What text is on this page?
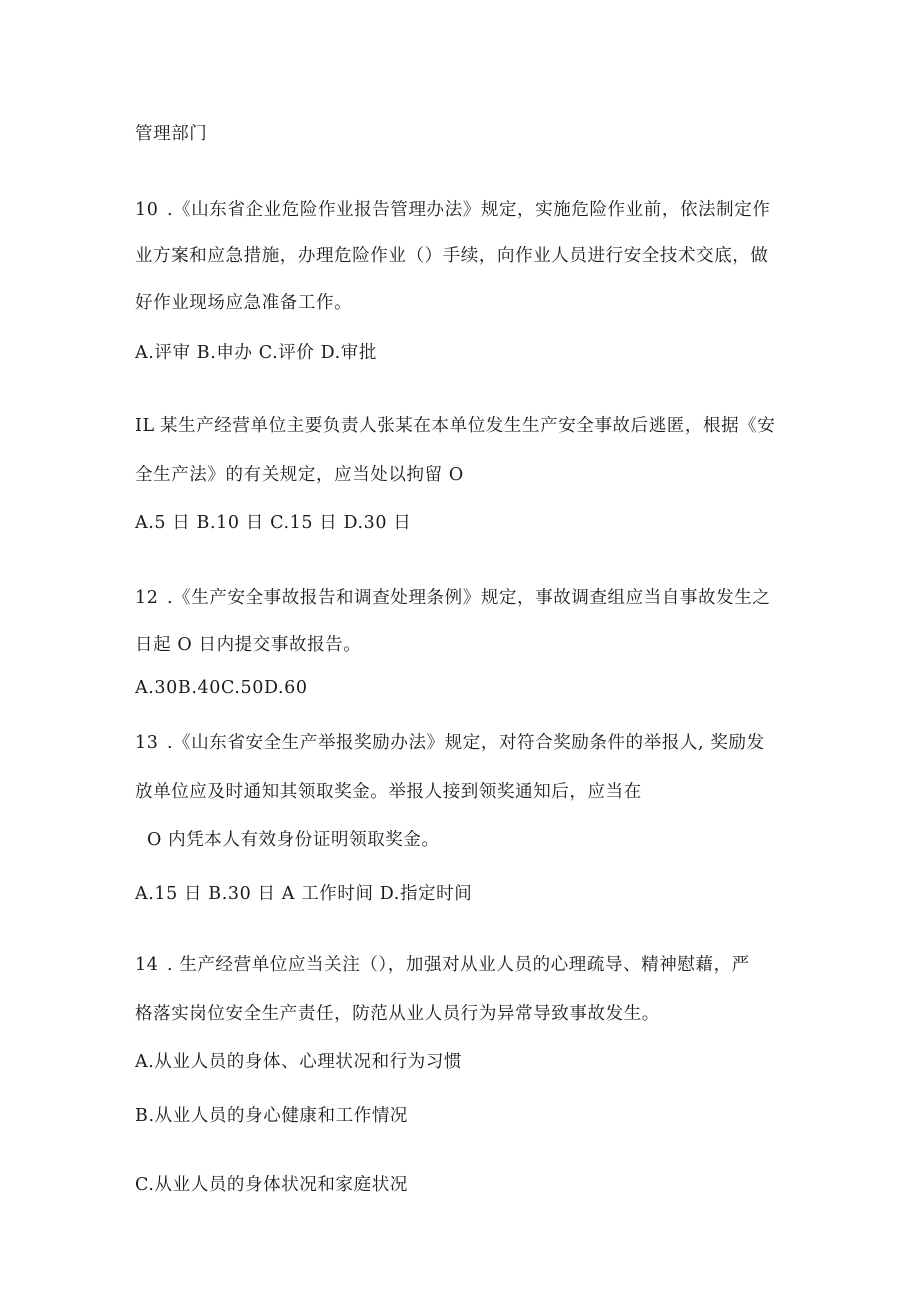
管理部门
10 .《山东省企业危险作业报告管理办法》规定，实施危险作业前，依法制定作
业方案和应急措施，办理危险作业（）手续，向作业人员进行安全技术交底，做
好作业现场应急准备工作。
A.评审 B.申办 C.评价 D.审批
IL 某生产经营单位主要负责人张某在本单位发生生产安全事故后逃匿，根据《安
全生产法》的有关规定，应当处以拘留 O
A.5 日 B.10 日 C.15 日 D.30 日
12 .《生产安全事故报告和调查处理条例》规定，事故调查组应当自事故发生之
日起 O 日内提交事故报告。
A.30B.40C.50D.60
13 .《山东省安全生产举报奖励办法》规定，对符合奖励条件的举报人, 奖励发
放单位应及时通知其领取奖金。举报人接到领奖通知后，应当在
O 内凭本人有效身份证明领取奖金。
A.15 日 B.30 日 A 工作时间 D.指定时间
14 . 生产经营单位应当关注（），加强对从业人员的心理疏导、精神慰藉，严
格落实岗位安全生产责任，防范从业人员行为异常导致事故发生。
A.从业人员的身体、心理状况和行为习惯
B.从业人员的身心健康和工作情况
C.从业人员的身体状况和家庭状况
